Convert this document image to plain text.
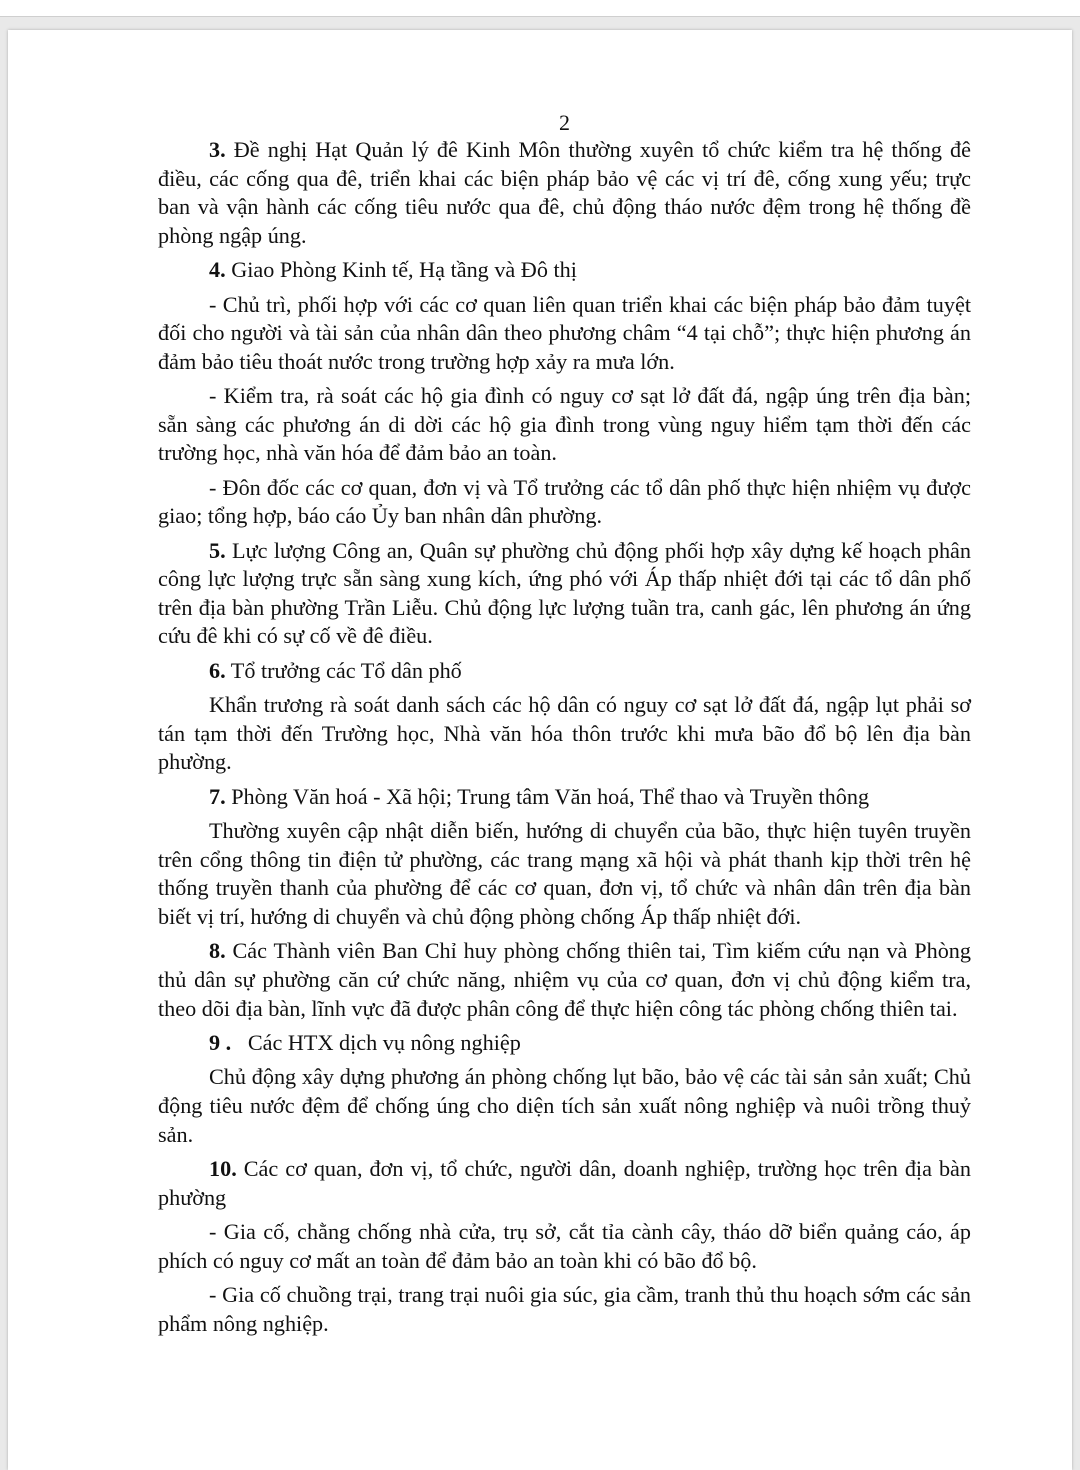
2

3. Đề nghị Hạt Quản lý đê Kinh Môn thường xuyên tổ chức kiểm tra hệ thống đê điều, các cống qua đê, triển khai các biện pháp bảo vệ các vị trí đê, cống xung yếu; trực ban và vận hành các cống tiêu nước qua đê, chủ động tháo nước đệm trong hệ thống đề phòng ngập úng.

4. Giao Phòng Kinh tế, Hạ tầng và Đô thị

- Chủ trì, phối hợp với các cơ quan liên quan triển khai các biện pháp bảo đảm tuyệt đối cho người và tài sản của nhân dân theo phương châm “4 tại chỗ”; thực hiện phương án đảm bảo tiêu thoát nước trong trường hợp xảy ra mưa lớn.

- Kiểm tra, rà soát các hộ gia đình có nguy cơ sạt lở đất đá, ngập úng trên địa bàn; sẵn sàng các phương án di dời các hộ gia đình trong vùng nguy hiểm tạm thời đến các trường học, nhà văn hóa để đảm bảo an toàn.

- Đôn đốc các cơ quan, đơn vị và Tổ trưởng các tổ dân phố thực hiện nhiệm vụ được giao; tổng hợp, báo cáo Ủy ban nhân dân phường.

5. Lực lượng Công an, Quân sự phường chủ động phối hợp xây dựng kế hoạch phân công lực lượng trực sẵn sàng xung kích, ứng phó với Áp thấp nhiệt đới tại các tổ dân phố trên địa bàn phường Trần Liễu. Chủ động lực lượng tuần tra, canh gác, lên phương án ứng cứu đê khi có sự cố về đê điều.

6. Tổ trưởng các Tổ dân phố

Khẩn trương rà soát danh sách các hộ dân có nguy cơ sạt lở đất đá, ngập lụt phải sơ tán tạm thời đến Trường học, Nhà văn hóa thôn trước khi mưa bão đổ bộ lên địa bàn phường.

7. Phòng Văn hoá - Xã hội; Trung tâm Văn hoá, Thể thao và Truyền thông

Thường xuyên cập nhật diễn biến, hướng di chuyển của bão, thực hiện tuyên truyền trên cổng thông tin điện tử phường, các trang mạng xã hội và phát thanh kịp thời trên hệ thống truyền thanh của phường để các cơ quan, đơn vị, tổ chức và nhân dân trên địa bàn biết vị trí, hướng di chuyển và chủ động phòng chống Áp thấp nhiệt đới.

8. Các Thành viên Ban Chỉ huy phòng chống thiên tai, Tìm kiếm cứu nạn và Phòng thủ dân sự phường căn cứ chức năng, nhiệm vụ của cơ quan, đơn vị chủ động kiểm tra, theo dõi địa bàn, lĩnh vực đã được phân công để thực hiện công tác phòng chống thiên tai.

9 .   Các HTX dịch vụ nông nghiệp

Chủ động xây dựng phương án phòng chống lụt bão, bảo vệ các tài sản sản xuất; Chủ động tiêu nước đệm để chống úng cho diện tích sản xuất nông nghiệp và nuôi trồng thuỷ sản.

10. Các cơ quan, đơn vị, tổ chức, người dân, doanh nghiệp, trường học trên địa bàn phường

- Gia cố, chằng chống nhà cửa, trụ sở, cắt tỉa cành cây, tháo dỡ biển quảng cáo, áp phích có nguy cơ mất an toàn để đảm bảo an toàn khi có bão đổ bộ.

- Gia cố chuồng trại, trang trại nuôi gia súc, gia cầm, tranh thủ thu hoạch sớm các sản phẩm nông nghiệp.
